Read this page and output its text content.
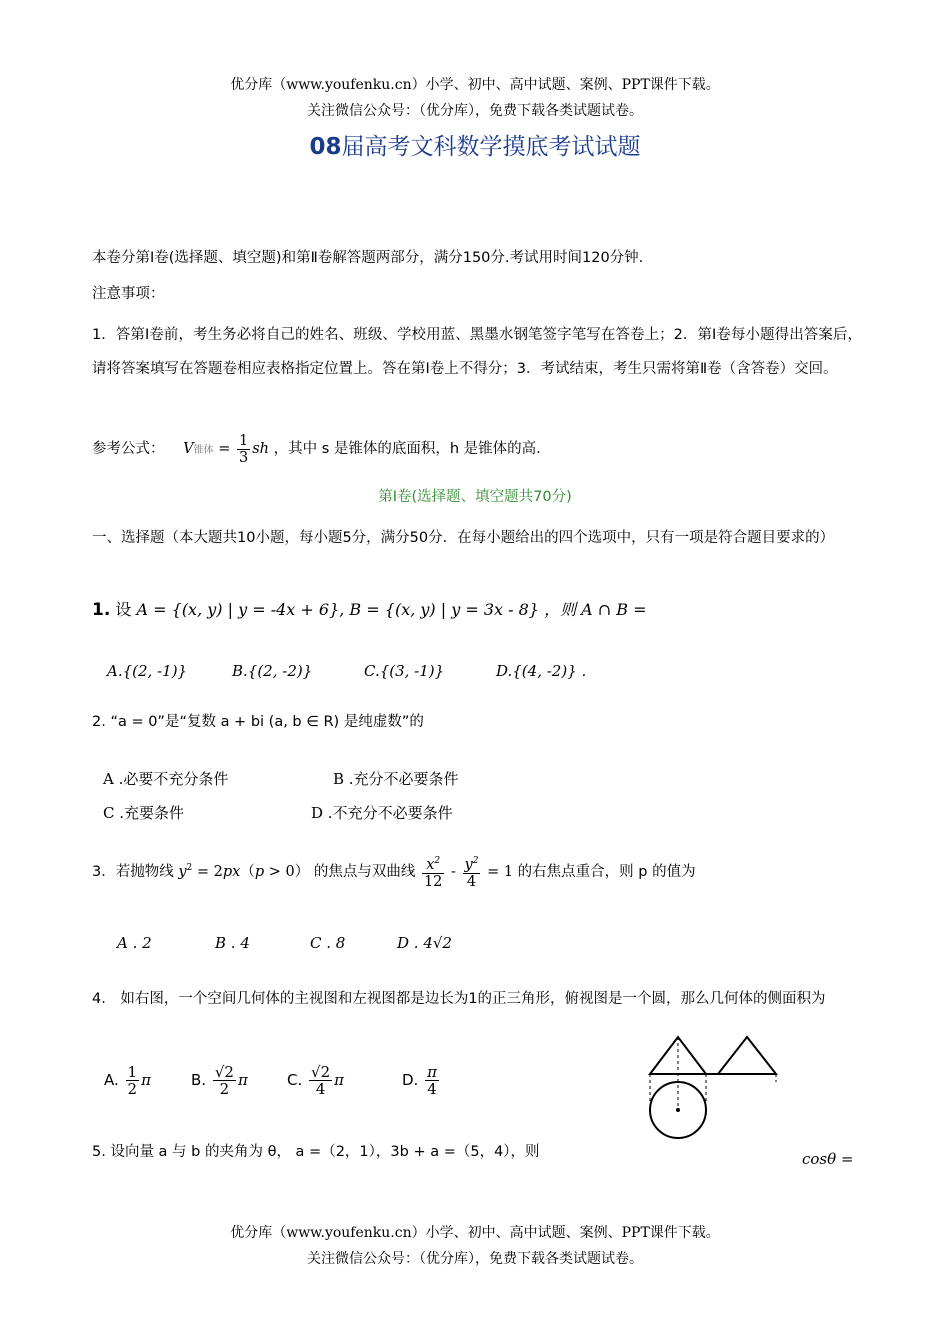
优分库（www.youfenku.cn）小学、初中、高中试题、案例、PPT课件下载。
关注微信公众号：（优分库），免费下载各类试题试卷。
08届高考文科数学摸底考试试题
本卷分第Ⅰ卷(选择题、填空题)和第Ⅱ卷解答题两部分，满分150分.考试用时间120分钟.
注意事项：
1．答第Ⅰ卷前，考生务必将自己的姓名、班级、学校用蓝、黑墨水钢笔签字笔写在答卷上；2．第Ⅰ卷每小题得出答案后，请将答案填写在答题卷相应表格指定位置上。答在第Ⅰ卷上不得分；3．考试结束，考生只需将第Ⅱ卷（含答卷）交回。
参考公式： V锥体 = $\frac{1}{3}$ sh ，其中 s 是锥体的底面积，h 是锥体的高.
第Ⅰ卷(选择题、填空题共70分)
一、选择题（本大题共10小题，每小题5分，满分50分．在每小题给出的四个选项中，只有一项是符合题目要求的）
1. 设 A = {(x, y) | y = -4x + 6}, B = {(x, y) | y = 3x - 8} ，则 A ∩ B =
A.{(2, -1)}	B.{(2, -2)}	C.{(3, -1)}	D.{(4, -2)} .
2. “a = 0”是“复数 a + bi (a, b ∈ R) 是纯虚数”的
A .必要不充分条件	B .充分不必要条件
C .充要条件	D .不充分不必要条件
3．若抛物线 $y^2 = 2px(p > 0)$ 的焦点与双曲线 $\frac{x^2}{12} - \frac{y^2}{4} = 1$ 的右焦点重合，则 p 的值为
A . 2	B . 4	C . 8	D . 4√2
4.　如右图，一个空间几何体的主视图和左视图都是边长为1的正三角形，俯视图是一个圆，那么几何体的侧面积为
A. $\frac{1}{2}$ π	B. $\frac{√2}{2}$ π	C. $\frac{√2}{4}$ π	D. $\frac{\pi}{4}$
5. 设向量 a 与 b 的夹角为 θ， a =（2，1），3b + a =（5，4），则	cosθ =
优分库（www.youfenku.cn）小学、初中、高中试题、案例、PPT课件下载。
关注微信公众号：（优分库），免费下载各类试题试卷。
